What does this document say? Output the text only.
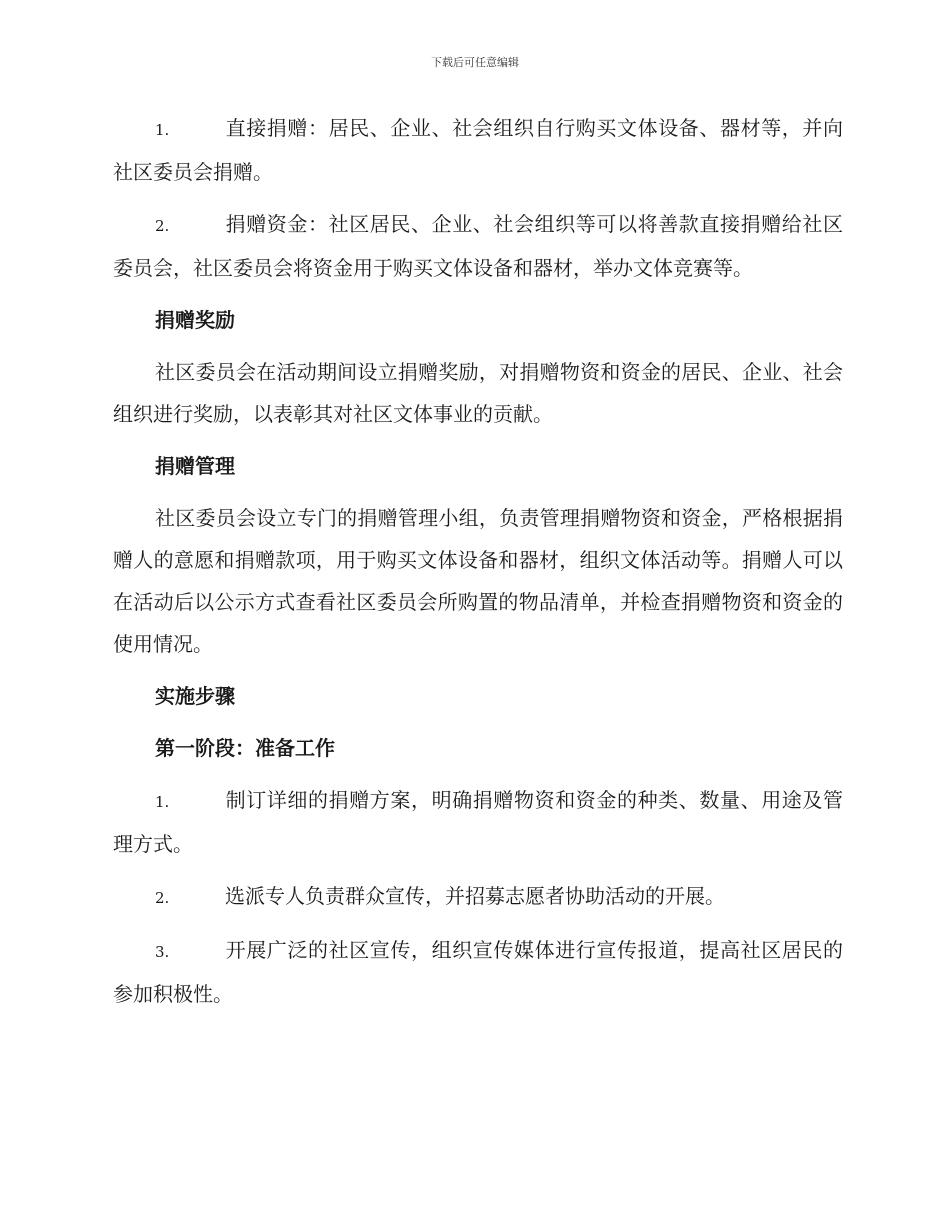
下载后可任意编辑

1.	直接捐赠：居民、企业、社会组织自行购买文体设备、器材等，并向社区委员会捐赠。

2.	捐赠资金：社区居民、企业、社会组织等可以将善款直接捐赠给社区委员会，社区委员会将资金用于购买文体设备和器材，举办文体竞赛等。

捐赠奖励

社区委员会在活动期间设立捐赠奖励，对捐赠物资和资金的居民、企业、社会组织进行奖励，以表彰其对社区文体事业的贡献。

捐赠管理

社区委员会设立专门的捐赠管理小组，负责管理捐赠物资和资金，严格根据捐赠人的意愿和捐赠款项，用于购买文体设备和器材，组织文体活动等。捐赠人可以在活动后以公示方式查看社区委员会所购置的物品清单，并检查捐赠物资和资金的使用情况。

实施步骤
第一阶段：准备工作

1.	制订详细的捐赠方案，明确捐赠物资和资金的种类、数量、用途及管理方式。

2.	选派专人负责群众宣传，并招募志愿者协助活动的开展。

3.	开展广泛的社区宣传，组织宣传媒体进行宣传报道，提高社区居民的参加积极性。
